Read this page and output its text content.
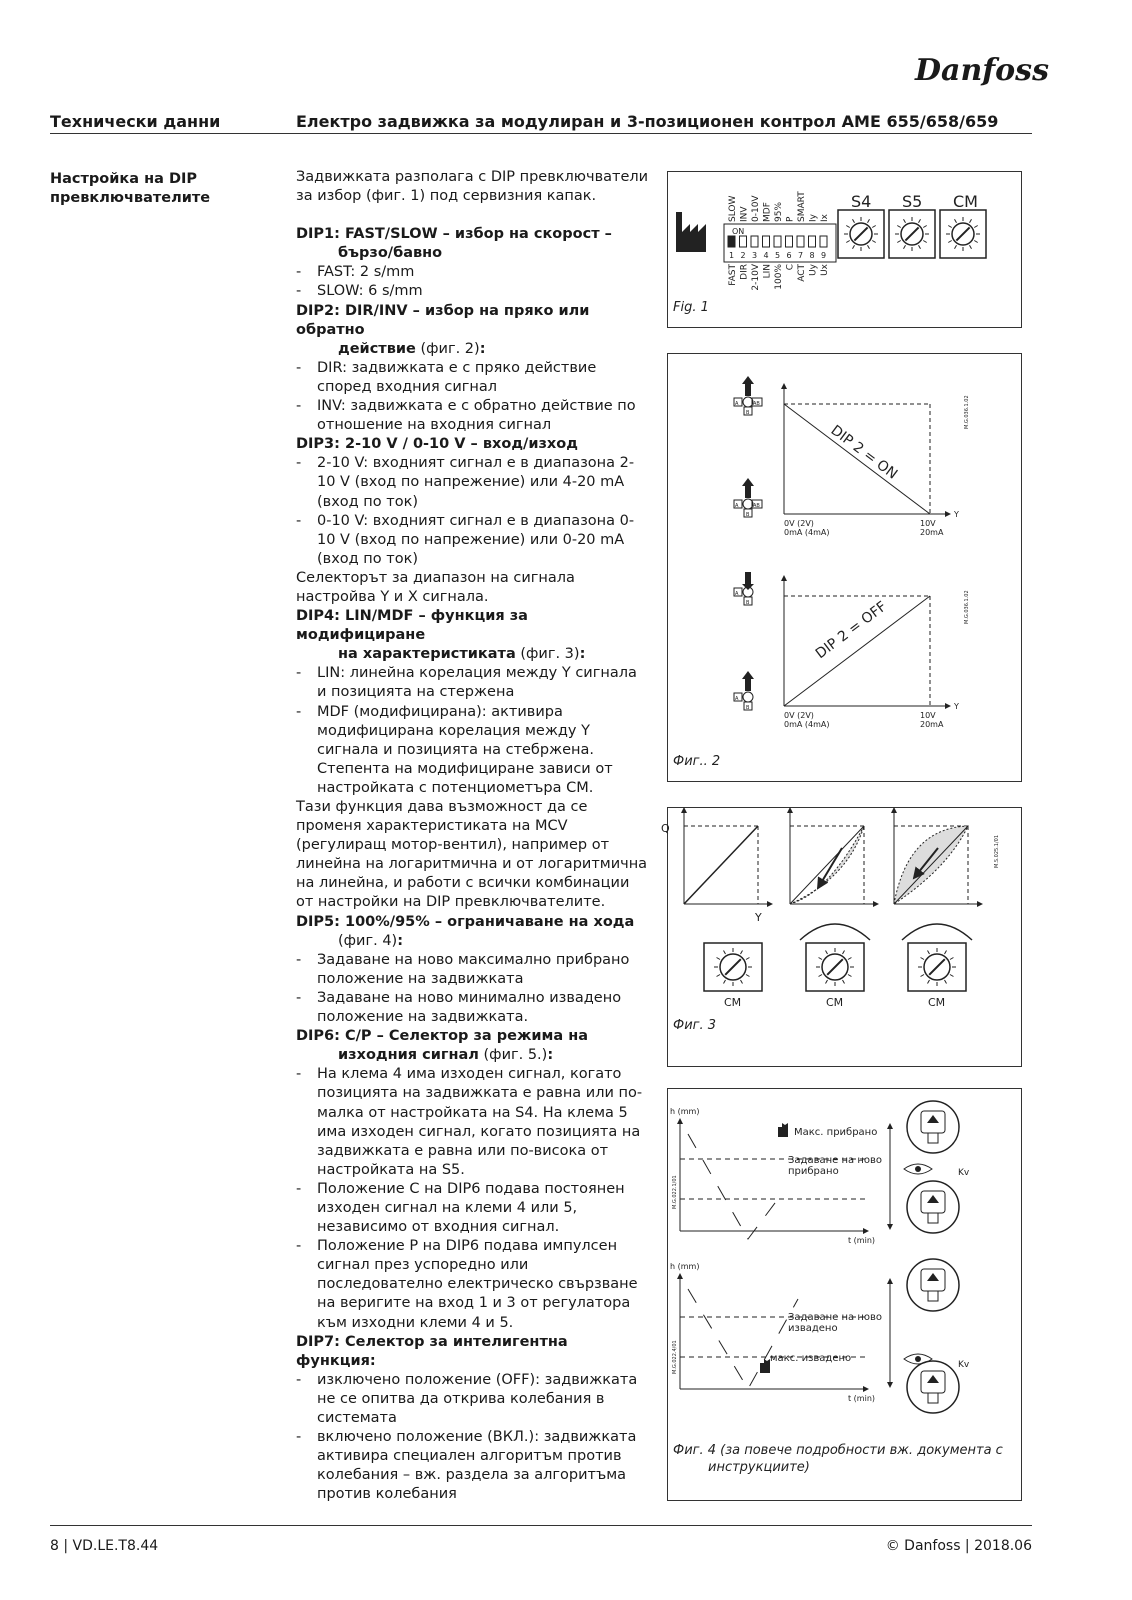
Danfoss
Технически данни	Електро задвижка за модулиран и 3-позиционен контрол AME 655/658/659
Настройка на DIP превключвателите

Задвижката разполага с DIP превключватели за избор (фиг. 1) под сервизния капак.

DIP1: FAST/SLOW – избор на скорост –

бързо/бавно

- FAST: 2 s/mm

- SLOW: 6 s/mm

DIP2: DIR/INV – избор на пряко или обратно

действие (фиг. 2):

- DIR: задвижката е с пряко действие според входния сигнал

- INV: задвижката е с обратно действие по отношение на входния сигнал

DIP3: 2-10 V / 0-10 V – вход/изход

- 2-10 V: входният сигнал е в диапазона 2-10 V (вход по напрежение) или 4-20 mA (вход по ток)

- 0-10 V: входният сигнал е в диапазона 0-10 V (вход по напрежение) или 0-20 mA (вход по ток)

Селекторът за диапазон на сигнала настройва Y и X сигнала.

DIP4: LIN/MDF – функция за модифициране

на характеристиката (фиг. 3):

- LIN: линейна корелация между Y сигнала и позицията на стержена

- MDF (модифицирана): активира модифицирана корелация между Y сигнала и позицията на стебржена. Степента на модифициране зависи от настройката с потенциометъра CM.

Тази функция дава възможност да се променя характеристиката на MCV (регулиращ мотор-вентил), например от линейна на логаритмична и от логаритмична на линейна, и работи с всички комбинации от настройки на DIP превключвателите.

DIP5: 100%/95% – ограничаване на хода

(фиг. 4):

- Задаване на ново максимално прибрано положение на задвижката

- Задаване на ново минимално извадено положение на задвижката.

DIP6: C/P – Селектор за режима на

изходния сигнал (фиг. 5.):

- На клема 4 има изходен сигнал, когато позицията на задвижката е равна или по-малка от настройката на S4. На клема 5 има изходен сигнал, когато позицията на задвижката е равна или по-висока от настройката на S5.

- Положение C на DIP6 подава постоянен изходен сигнал на клеми 4 или 5, независимо от входния сигнал.

- Положение P на DIP6 подава импулсен сигнал през успоредно или последователно електрическо свързване на веригите на вход 1 и 3 от регулатора към изходни клеми 4 и 5.

DIP7: Селектор за интелигентна функция:

- изключено положение (OFF): задвижката не се опитва да открива колебания в системата

- включено положение (ВКЛ.): задвижката активира специален алгоритъм против колебания – вж. раздела за алгоритъма против колебания

1
SLOW
FAST
2
INV
DIR
3
0-10V
2-10V
4
MDF
LIN
5
95%
100%
6
P
C
7
SMART
ACT
8
Iy
Uy
9
Ix
Ux
ON
S4 S5 CM
Fig. 1
DIP 2 = ON
Y
0V (2V)
0mA (4mA)
10V
20mA
M.G.036.1.02
DIP 2 = OFF
Y
0V (2V)
0mA (4mA)
10V
20mA
M.G.036.1.02
A	AB
B
A	AB
B
A
B
A
B
Фиг.. 2
Q
Y
M.S.025.1/01
CM	CM	CM
Фиг. 3
h (mm)
t (min)
Макс. прибрано
Задаване на ново
прибрано	Kv
M.G.022.1/01
h (mm)
t (min)
Задаване на ново
извадено
макс. извадено
Kv
M.G.022.4/01
Фиг. 4 (за повече подробности вж. документа с
инструкциите)
8 | VD.LE.T8.44	© Danfoss | 2018.06
